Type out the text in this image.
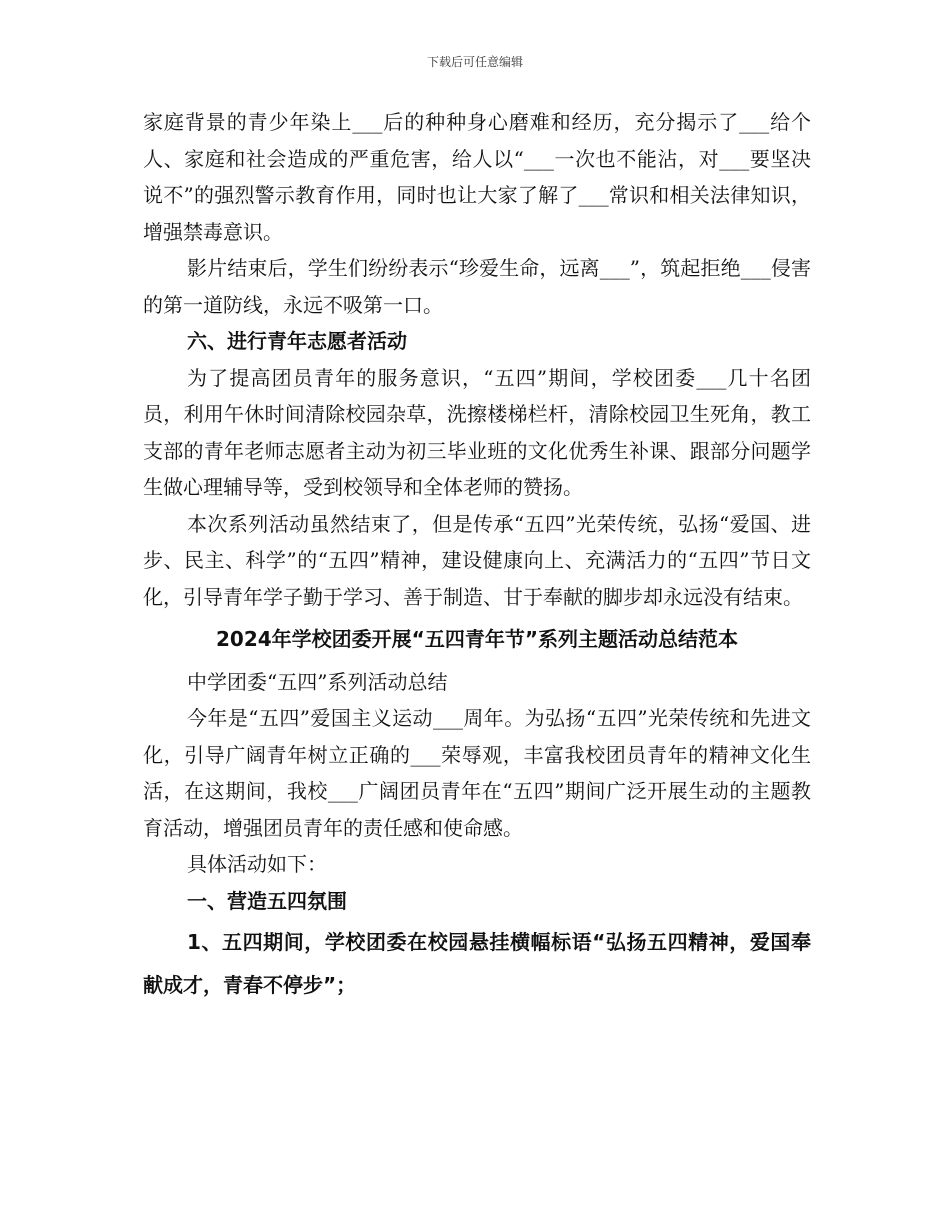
下载后可任意编辑

家庭背景的青少年染上___后的种种身心磨难和经历，充分揭示了___给个人、家庭和社会造成的严重危害，给人以“___一次也不能沾，对___要坚决说不”的强烈警示教育作用，同时也让大家了解了___常识和相关法律知识，增强禁毒意识。

影片结束后，学生们纷纷表示“珍爱生命，远离___”，筑起拒绝___侵害的第一道防线，永远不吸第一口。

六、进行青年志愿者活动

为了提高团员青年的服务意识，“五四”期间，学校团委___几十名团员，利用午休时间清除校园杂草，洗擦楼梯栏杆，清除校园卫生死角，教工支部的青年老师志愿者主动为初三毕业班的文化优秀生补课、跟部分问题学生做心理辅导等，受到校领导和全体老师的赞扬。

本次系列活动虽然结束了，但是传承“五四”光荣传统，弘扬“爱国、进步、民主、科学”的“五四”精神，建设健康向上、充满活力的“五四”节日文化，引导青年学子勤于学习、善于制造、甘于奉献的脚步却永远没有结束。

2024年学校团委开展“五四青年节”系列主题活动总结范本

中学团委“五四”系列活动总结

今年是“五四”爱国主义运动___周年。为弘扬“五四”光荣传统和先进文化，引导广阔青年树立正确的___荣辱观，丰富我校团员青年的精神文化生活，在这期间，我校___广阔团员青年在“五四”期间广泛开展生动的主题教育活动，增强团员青年的责任感和使命感。

具体活动如下：

一、营造五四氛围

1、五四期间，学校团委在校园悬挂横幅标语“弘扬五四精神，爱国奉献成才，青春不停步”；
